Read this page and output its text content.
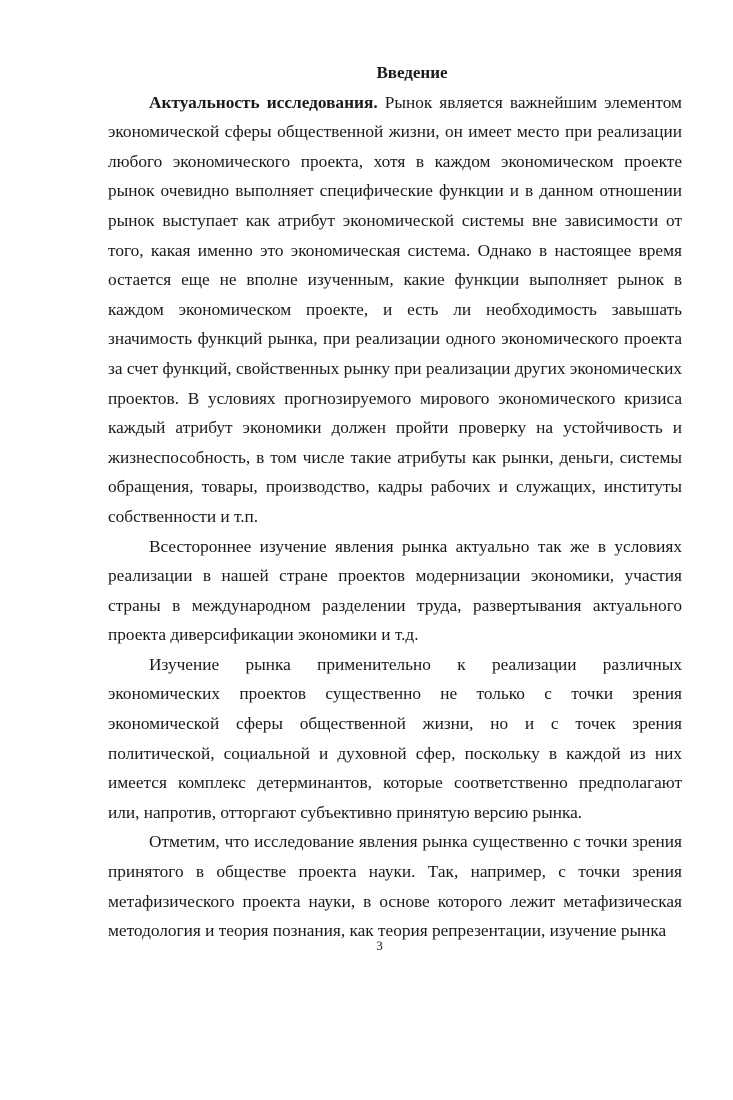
Введение

Актуальность исследования. Рынок является важнейшим элементом экономической сферы общественной жизни, он имеет место при реализации любого экономического проекта, хотя в каждом экономическом проекте рынок очевидно выполняет специфические функции и в данном отношении рынок выступает как атрибут экономической системы вне зависимости от того, какая именно это экономическая система. Однако в настоящее время остается еще не вполне изученным, какие функции выполняет рынок в каждом экономическом проекте, и есть ли необходимость завышать значимость функций рынка, при реализации одного экономического проекта за счет функций, свойственных рынку при реализации других экономических проектов. В условиях прогнозируемого мирового экономического кризиса каждый атрибут экономики должен пройти проверку на устойчивость и жизнеспособность, в том числе такие атрибуты как рынки, деньги, системы обращения, товары, производство, кадры рабочих и служащих, институты собственности и т.п.

Всестороннее изучение явления рынка актуально так же в условиях реализации в нашей стране проектов модернизации экономики, участия страны в международном разделении труда, развертывания актуального проекта диверсификации экономики и т.д.

Изучение рынка применительно к реализации различных экономических проектов существенно не только с точки зрения экономической сферы общественной жизни, но и с точек зрения политической, социальной и духовной сфер, поскольку в каждой из них имеется комплекс детерминантов, которые соответственно предполагают или, напротив, отторгают субъективно принятую версию рынка.

Отметим, что исследование явления рынка существенно с точки зрения принятого в обществе проекта науки. Так, например, с точки зрения метафизического проекта науки, в основе которого лежит метафизическая методология и теория познания, как теория репрезентации, изучение рынка

3
